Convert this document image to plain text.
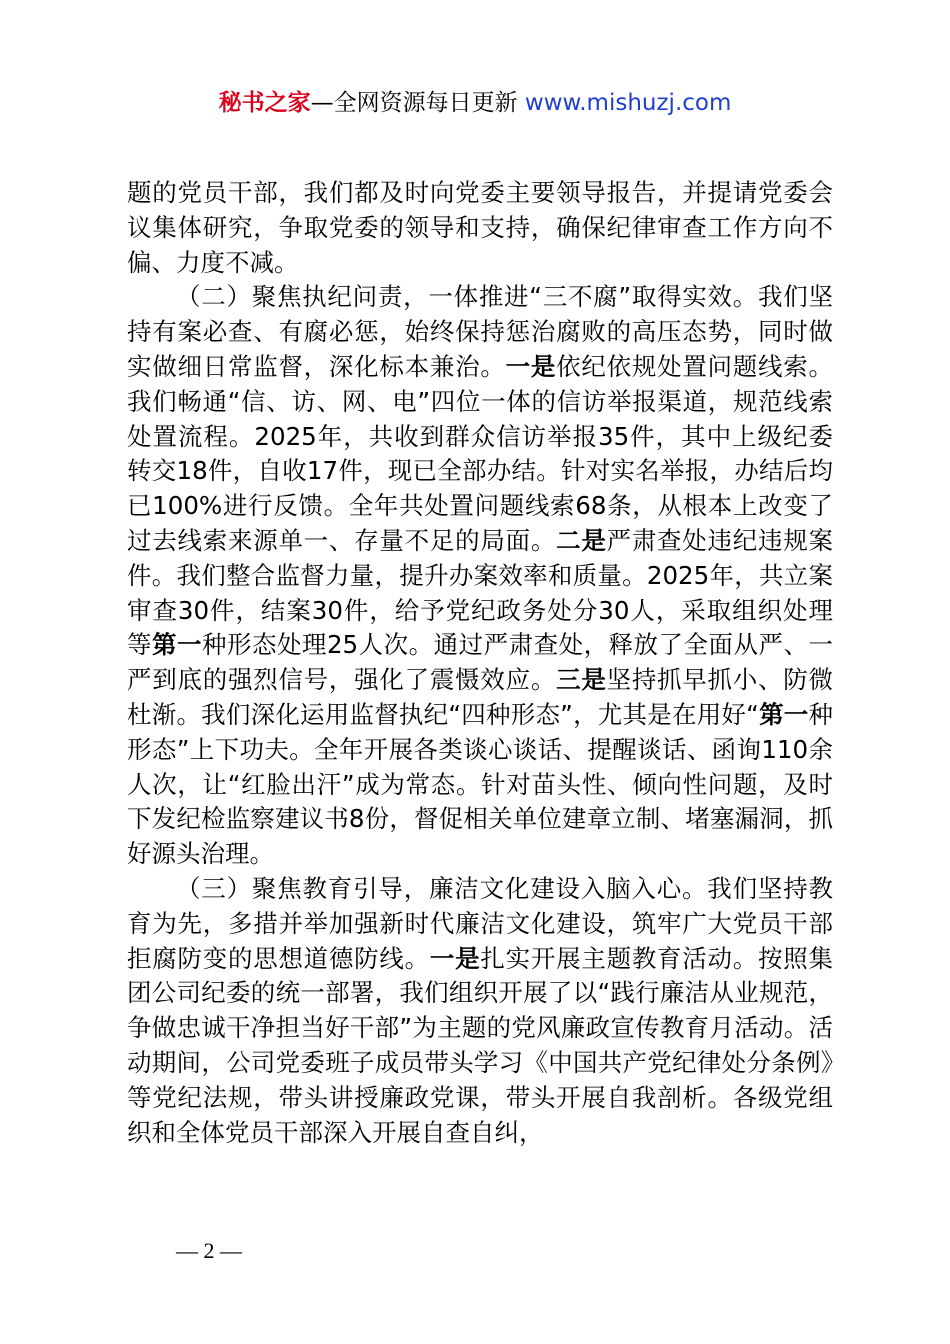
秘书之家—全网资源每日更新 www.mishuzj.com

题的党员干部，我们都及时向党委主要领导报告，并提请党委会议集体研究，争取党委的领导和支持，确保纪律审查工作方向不偏、力度不减。

（二）聚焦执纪问责，一体推进“三不腐”取得实效。我们坚持有案必查、有腐必惩，始终保持惩治腐败的高压态势，同时做实做细日常监督，深化标本兼治。一是依纪依规处置问题线索。我们畅通“信、访、网、电”四位一体的信访举报渠道，规范线索处置流程。2025年，共收到群众信访举报35件，其中上级纪委转交18件，自收17件，现已全部办结。针对实名举报，办结后均已100%进行反馈。全年共处置问题线索68条，从根本上改变了过去线索来源单一、存量不足的局面。二是严肃查处违纪违规案件。我们整合监督力量，提升办案效率和质量。2025年，共立案审查30件，结案30件，给予党纪政务处分30人，采取组织处理等第一种形态处理25人次。通过严肃查处，释放了全面从严、一严到底的强烈信号，强化了震慑效应。三是坚持抓早抓小、防微杜渐。我们深化运用监督执纪“四种形态”，尤其是在用好“第一种形态”上下功夫。全年开展各类谈心谈话、提醒谈话、函询110余人次，让“红脸出汗”成为常态。针对苗头性、倾向性问题，及时下发纪检监察建议书8份，督促相关单位建章立制、堵塞漏洞，抓好源头治理。

（三）聚焦教育引导，廉洁文化建设入脑入心。我们坚持教育为先，多措并举加强新时代廉洁文化建设，筑牢广大党员干部拒腐防变的思想道德防线。一是扎实开展主题教育活动。按照集团公司纪委的统一部署，我们组织开展了以“践行廉洁从业规范，争做忠诚干净担当好干部”为主题的党风廉政宣传教育月活动。活动期间，公司党委班子成员带头学习《中国共产党纪律处分条例》等党纪法规，带头讲授廉政党课，带头开展自我剖析。各级党组织和全体党员干部深入开展自查自纠，

— 2 —
